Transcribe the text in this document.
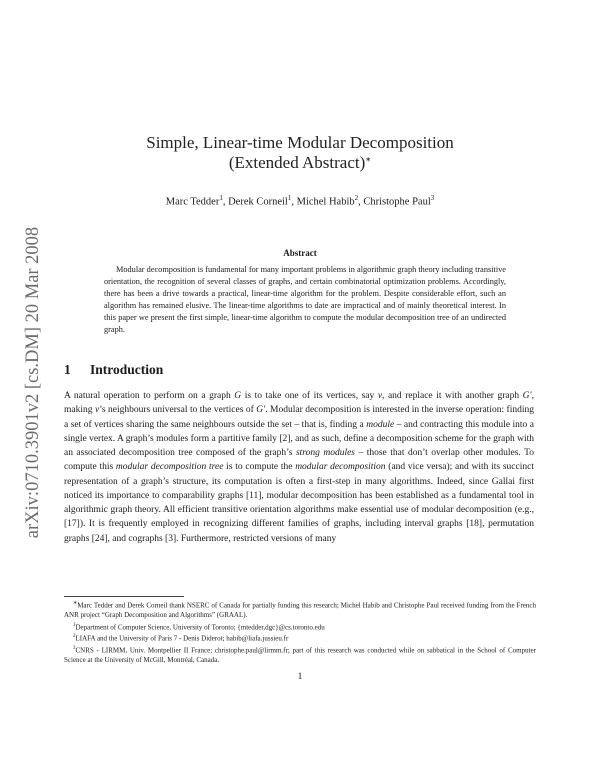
arXiv:0710.3901v2 [cs.DM] 20 Mar 2008
Simple, Linear-time Modular Decomposition
(Extended Abstract)∗
Marc Tedder$^1$, Derek Corneil$^1$, Michel Habib$^2$, Christophe Paul$^3$
Abstract

Modular decomposition is fundamental for many important problems in algorithmic graph theory including transitive orientation, the recognition of several classes of graphs, and certain combinatorial optimization problems. Accordingly, there has been a drive towards a practical, linear-time algorithm for the problem. Despite considerable effort, such an algorithm has remained elusive. The linear-time algorithms to date are impractical and of mainly theoretical interest. In this paper we present the first simple, linear-time algorithm to compute the modular decomposition tree of an undirected graph.

1 Introduction

A natural operation to perform on a graph G is to take one of its vertices, say v, and replace it with another graph G′, making v’s neighbours universal to the vertices of G′. Modular decomposition is interested in the inverse operation: finding a set of vertices sharing the same neighbours outside the set – that is, finding a module – and contracting this module into a single vertex. A graph’s modules form a partitive family [2], and as such, define a decomposition scheme for the graph with an associated decomposition tree composed of the graph’s strong modules – those that don’t overlap other modules. To compute this modular decomposition tree is to compute the modular decomposition (and vice versa); and with its succinct representation of a graph’s structure, its computation is often a first-step in many algorithms. Indeed, since Gallai first noticed its importance to comparability graphs [11], modular decomposition has been established as a fundamental tool in algorithmic graph theory. All efficient transitive orientation algorithms make essential use of modular decomposition (e.g., [17]). It is frequently employed in recognizing different families of graphs, including interval graphs [18], permutation graphs [24], and cographs [3]. Furthermore, restricted versions of many

∗Marc Tedder and Derek Corneil thank NSERC of Canada for partially funding this research; Michel Habib and Christophe Paul received funding from the French ANR project “Graph Decomposition and Algorithms” (GRAAL).

$^1$Department of Computer Science, University of Toronto; {mtedder,dgc}@cs.toronto.edu

$^2$LIAFA and the University of Paris 7 - Denis Diderot; habib@liafa.jussieu.fr

$^3$CNRS - LIRMM, Univ. Montpellier II France; christophe.paul@lirmm.fr; part of this research was conducted while on sabbatical in the School of Computer Science at the University of McGill, Montréal, Canada.

1
